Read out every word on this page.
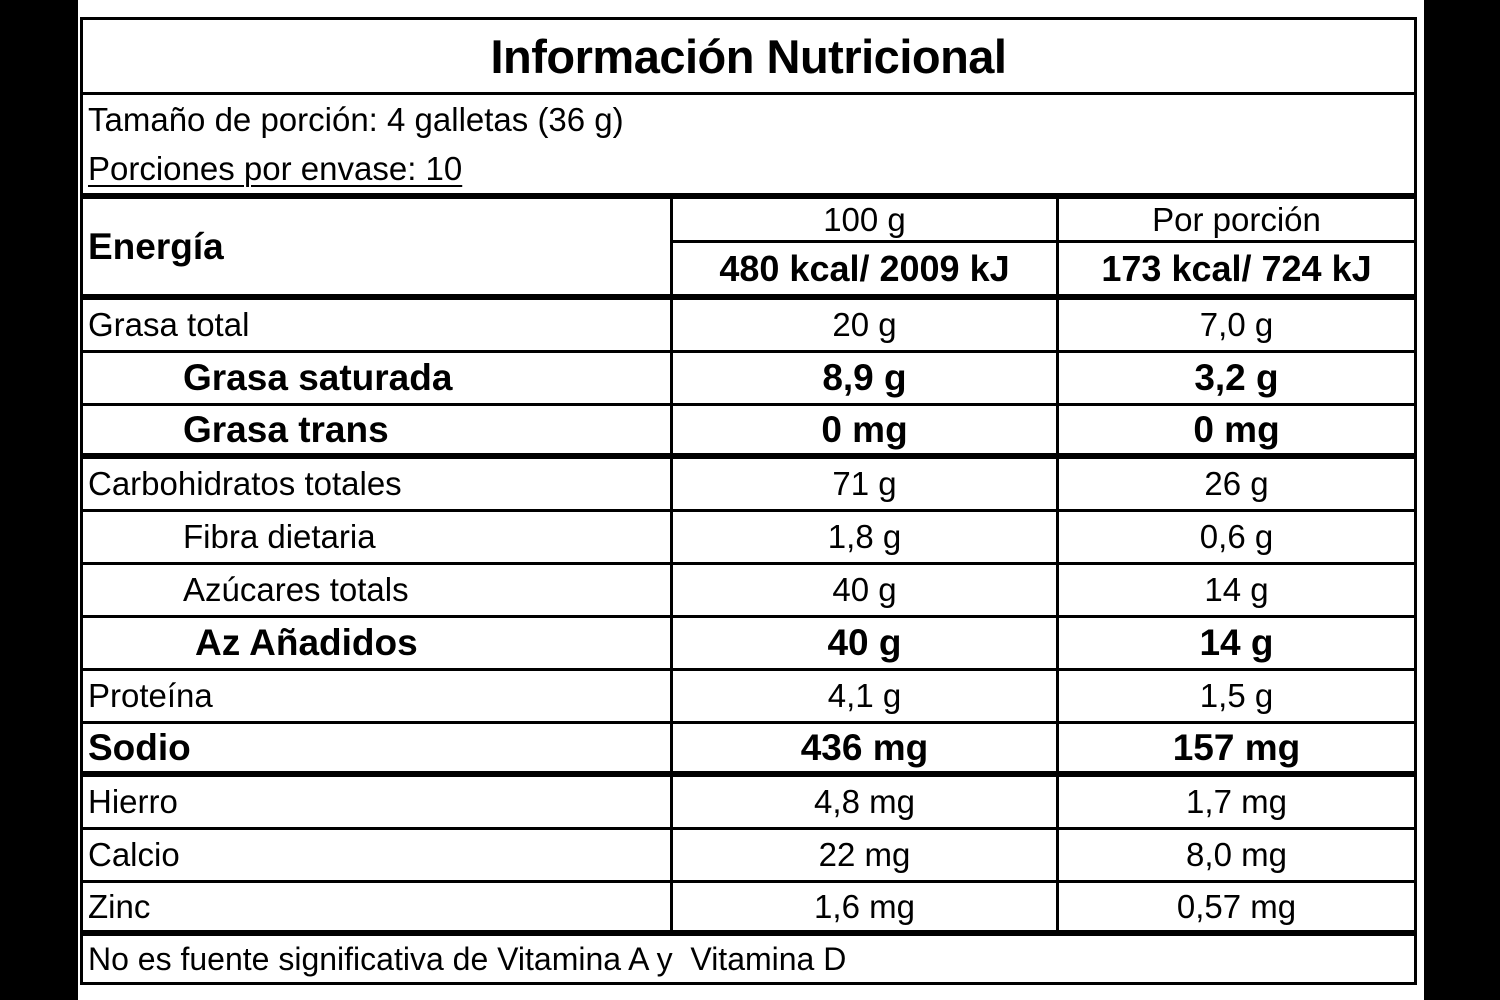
Información Nutricional
Tamaño de porción: 4 galletas (36 g)
Porciones por envase: 10
Energía
100 g	Por porción
480 kcal/ 2009 kJ	173 kcal/ 724 kJ
Grasa total	20 g	7,0 g
Grasa saturada	8,9 g	3,2 g
Grasa trans	0 mg	0 mg
Carbohidratos totales	71 g	26 g
Fibra dietaria	1,8 g	0,6 g
Azúcares totals	40 g	14 g
Az Añadidos	40 g	14 g
Proteína	4,1 g	1,5 g
Sodio	436 mg	157 mg
Hierro	4,8 mg	1,7 mg
Calcio	22 mg	8,0 mg
Zinc	1,6 mg	0,57 mg
No es fuente significativa de Vitamina A y  Vitamina D
